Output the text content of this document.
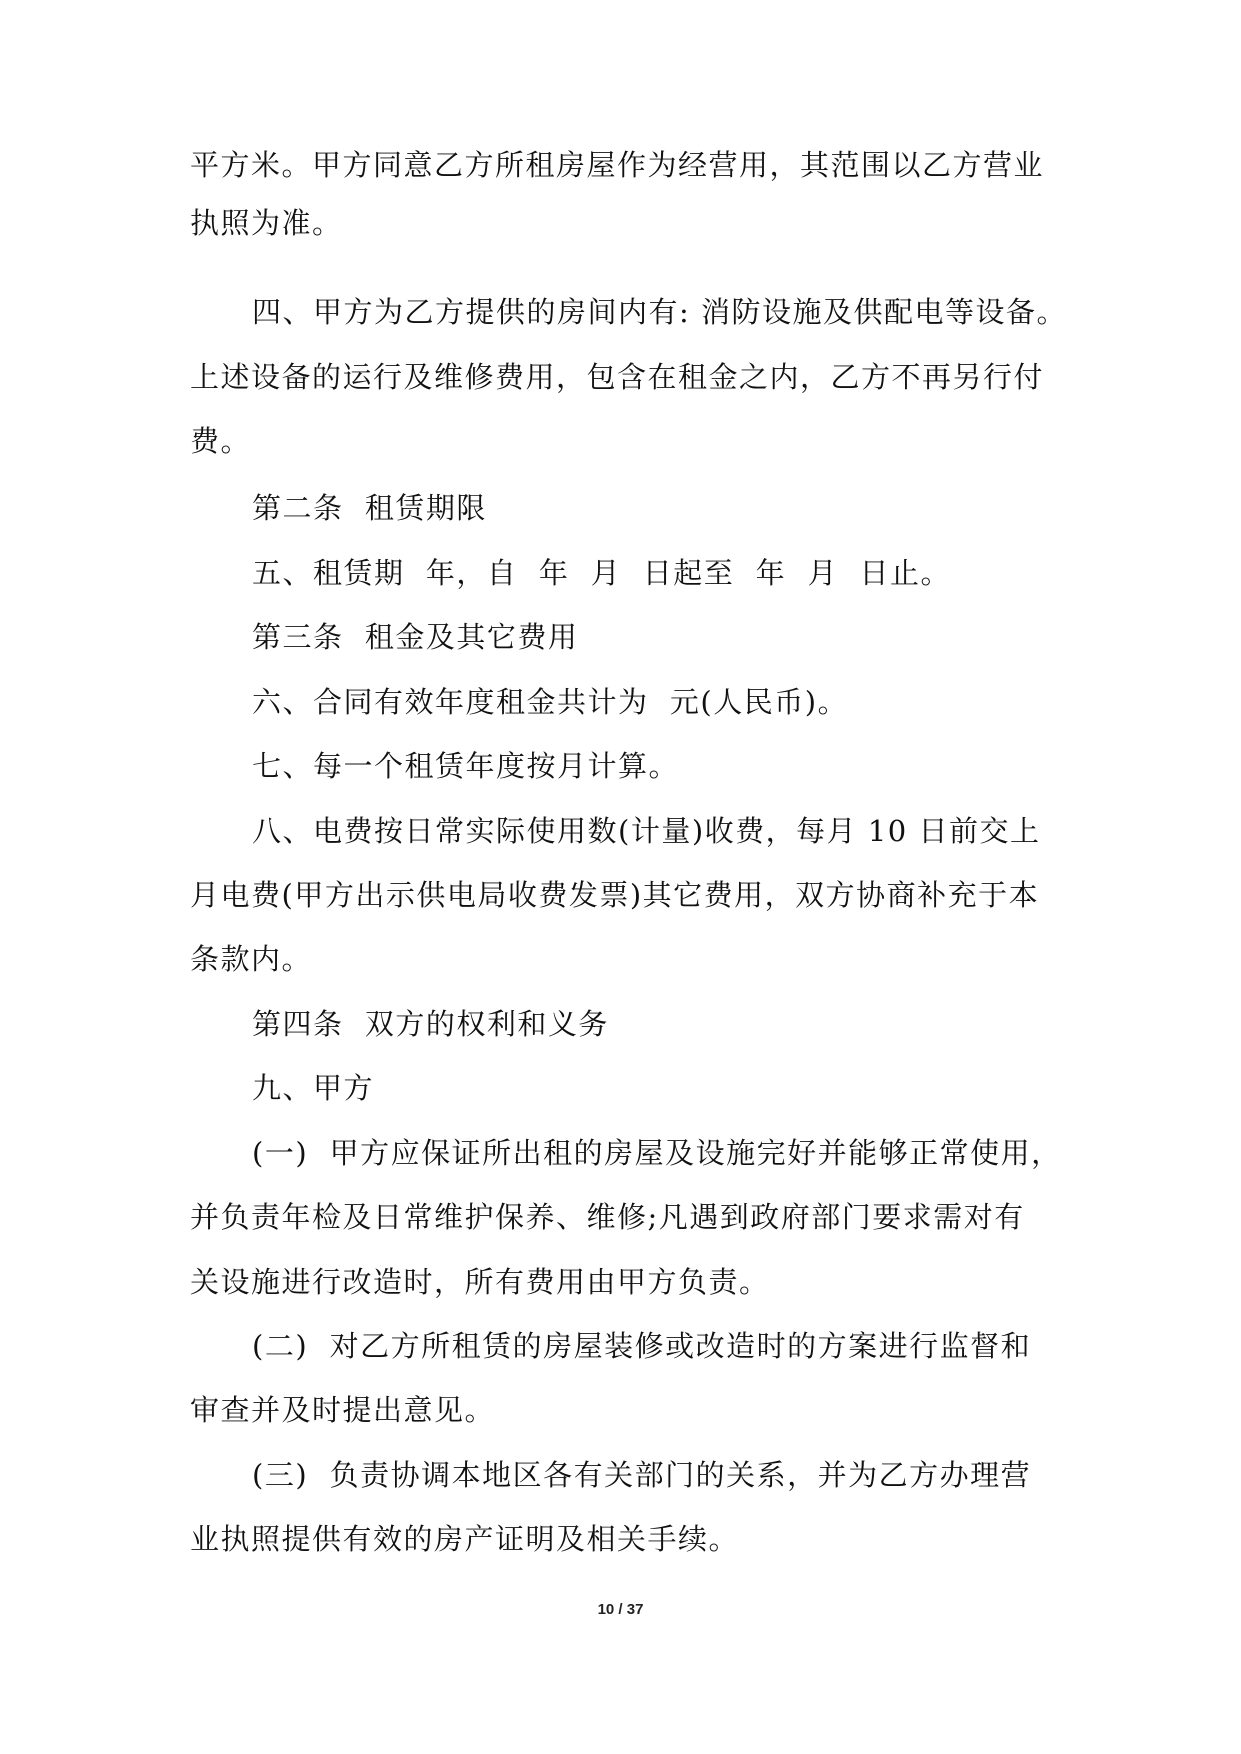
平方米。甲方同意乙方所租房屋作为经营用，其范围以乙方营业
执照为准。
四、甲方为乙方提供的房间内有: 消防设施及供配电等设备。
上述设备的运行及维修费用，包含在租金之内，乙方不再另行付
费。
第二条  租赁期限
五、租赁期  年，自  年  月  日起至  年  月  日止。
第三条  租金及其它费用
六、合同有效年度租金共计为  元(人民币)。
七、每一个租赁年度按月计算。
八、电费按日常实际使用数(计量)收费，每月 10 日前交上
月电费(甲方出示供电局收费发票)其它费用，双方协商补充于本
条款内。
第四条  双方的权利和义务
九、甲方
(一)  甲方应保证所出租的房屋及设施完好并能够正常使用，
并负责年检及日常维护保养、维修;凡遇到政府部门要求需对有
关设施进行改造时，所有费用由甲方负责。
(二)  对乙方所租赁的房屋装修或改造时的方案进行监督和
审查并及时提出意见。
(三)  负责协调本地区各有关部门的关系，并为乙方办理营
业执照提供有效的房产证明及相关手续。
10 / 37
